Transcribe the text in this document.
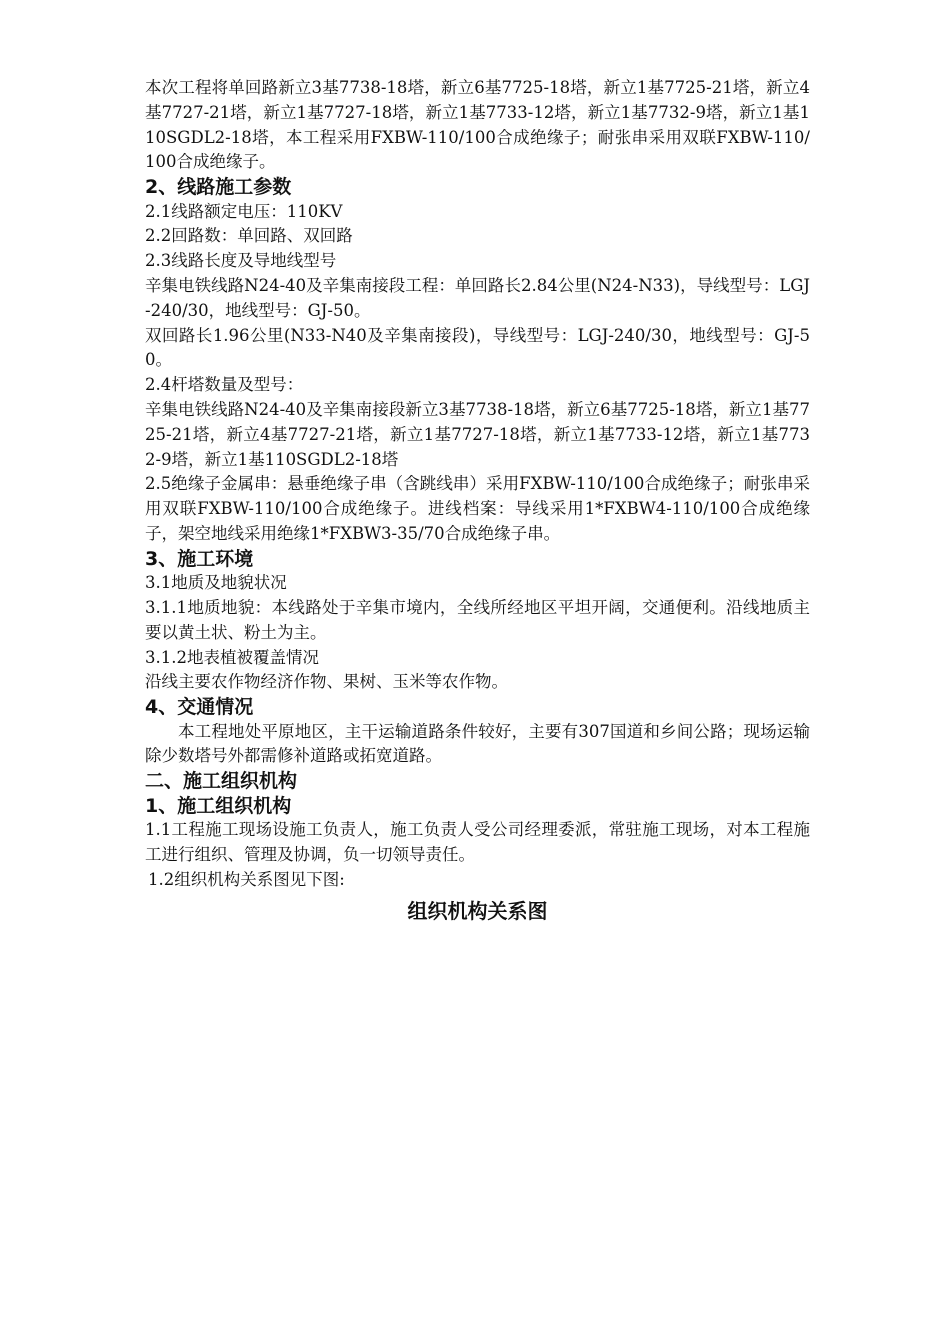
本次工程将单回路新立3基7738-18塔，新立6基7725-18塔，新立1基7725-21塔，新立4基7727-21塔，新立1基7727-18塔，新立1基7733-12塔，新立1基7732-9塔，新立1基110SGDL2-18塔，本工程采用FXBW-110/100合成绝缘子；耐张串采用双联FXBW-110/100合成绝缘子。

2、线路施工参数

2.1线路额定电压：110KV

2.2回路数：单回路、双回路

2.3线路长度及导地线型号

辛集电铁线路N24-40及辛集南接段工程：单回路长2.84公里(N24-N33)，导线型号：LGJ-240/30，地线型号：GJ-50。

双回路长1.96公里(N33-N40及辛集南接段)，导线型号：LGJ-240/30，地线型号：GJ-50。

2.4杆塔数量及型号：

辛集电铁线路N24-40及辛集南接段新立3基7738-18塔，新立6基7725-18塔，新立1基7725-21塔，新立4基7727-21塔，新立1基7727-18塔，新立1基7733-12塔，新立1基7732-9塔，新立1基110SGDL2-18塔

2.5绝缘子金属串：悬垂绝缘子串（含跳线串）采用FXBW-110/100合成绝缘子；耐张串采用双联FXBW-110/100合成绝缘子。进线档案：导线采用1*FXBW4-110/100合成绝缘子，架空地线采用绝缘1*FXBW3-35/70合成绝缘子串。

3、施工环境

3.1地质及地貌状况

3.1.1地质地貌：本线路处于辛集市境内，全线所经地区平坦开阔，交通便利。沿线地质主要以黄土状、粉土为主。

3.1.2地表植被覆盖情况

沿线主要农作物经济作物、果树、玉米等农作物。

4、交通情况

本工程地处平原地区，主干运输道路条件较好，主要有307国道和乡间公路；现场运输除少数塔号外都需修补道路或拓宽道路。

二、施工组织机构

1、施工组织机构

1.1工程施工现场设施工负责人，施工负责人受公司经理委派，常驻施工现场，对本工程施工进行组织、管理及协调，负一切领导责任。

1.2组织机构关系图见下图:

组织机构关系图
